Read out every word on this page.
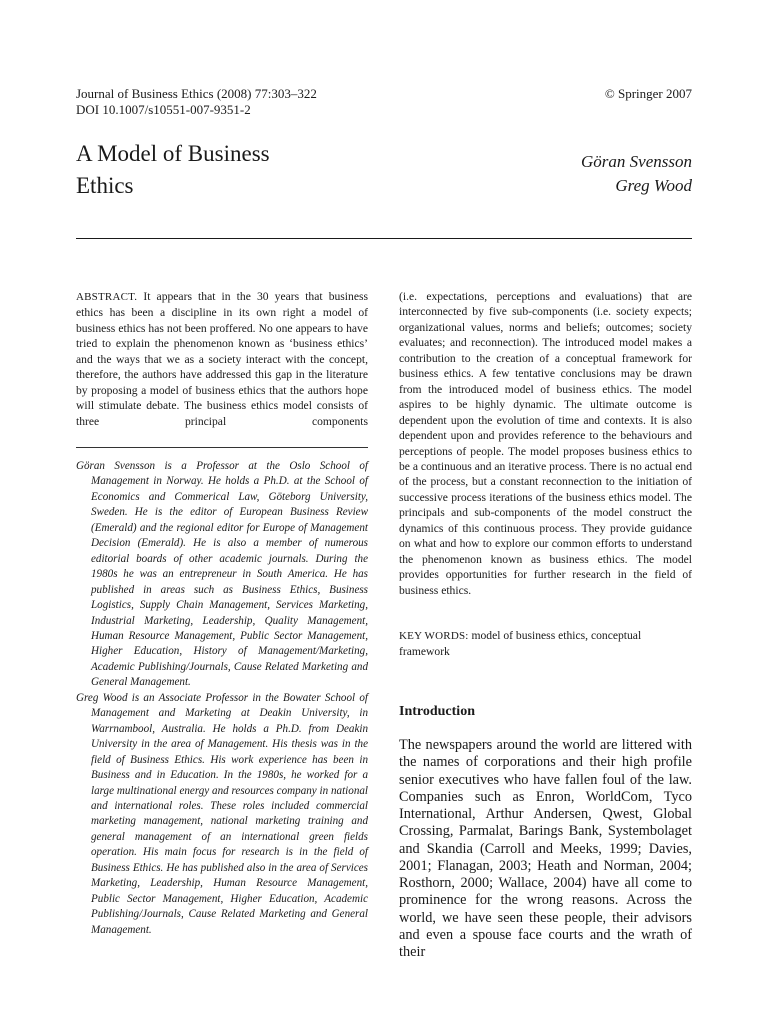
Journal of Business Ethics (2008) 77:303–322
DOI 10.1007/s10551-007-9351-2
© Springer 2007
A Model of Business
Ethics
Göran Svensson
Greg Wood
ABSTRACT. It appears that in the 30 years that business ethics has been a discipline in its own right a model of business ethics has not been proffered. No one appears to have tried to explain the phenomenon known as ‘business ethics’ and the ways that we as a society interact with the concept, therefore, the authors have addressed this gap in the literature by proposing a model of business ethics that the authors hope will stimulate debate. The business ethics model consists of three principal components

Göran Svensson is a Professor at the Oslo School of Management in Norway. He holds a Ph.D. at the School of Economics and Commerical Law, Göteborg University, Sweden. He is the editor of European Business Review (Emerald) and the regional editor for Europe of Management Decision (Emerald). He is also a member of numerous editorial boards of other academic journals. During the 1980s he was an entrepreneur in South America. He has published in areas such as Business Ethics, Business Logistics, Supply Chain Management, Services Marketing, Industrial Marketing, Leadership, Quality Management, Human Resource Management, Public Sector Management, Higher Education, History of Management/Marketing, Academic Publishing/Journals, Cause Related Marketing and General Management.

Greg Wood is an Associate Professor in the Bowater School of Management and Marketing at Deakin University, in Warrnambool, Australia. He holds a Ph.D. from Deakin University in the area of Management. His thesis was in the field of Business Ethics. His work experience has been in Business and in Education. In the 1980s, he worked for a large multinational energy and resources company in national and international roles. These roles included commercial marketing management, national marketing training and general management of an international green fields operation. His main focus for research is in the field of Business Ethics. He has published also in the area of Services Marketing, Leadership, Human Resource Management, Public Sector Management, Higher Education, Academic Publishing/Journals, Cause Related Marketing and General Management.

(i.e. expectations, perceptions and evaluations) that are interconnected by five sub-components (i.e. society expects; organizational values, norms and beliefs; outcomes; society evaluates; and reconnection). The introduced model makes a contribution to the creation of a conceptual framework for business ethics. A few tentative conclusions may be drawn from the introduced model of business ethics. The model aspires to be highly dynamic. The ultimate outcome is dependent upon the evolution of time and contexts. It is also dependent upon and provides reference to the behaviours and perceptions of people. The model proposes business ethics to be a continuous and an iterative process. There is no actual end of the process, but a constant reconnection to the initiation of successive process iterations of the business ethics model. The principals and sub-components of the model construct the dynamics of this continuous process. They provide guidance on what and how to explore our common efforts to understand the phenomenon known as business ethics. The model provides opportunities for further research in the field of business ethics.
KEY WORDS: model of business ethics, conceptual framework
Introduction

The newspapers around the world are littered with the names of corporations and their high profile senior executives who have fallen foul of the law. Companies such as Enron, WorldCom, Tyco International, Arthur Andersen, Qwest, Global Crossing, Parmalat, Barings Bank, Systembolaget and Skandia (Carroll and Meeks, 1999; Davies, 2001; Flanagan, 2003; Heath and Norman, 2004; Rosthorn, 2000; Wallace, 2004) have all come to prominence for the wrong reasons. Across the world, we have seen these people, their advisors and even a spouse face courts and the wrath of their
